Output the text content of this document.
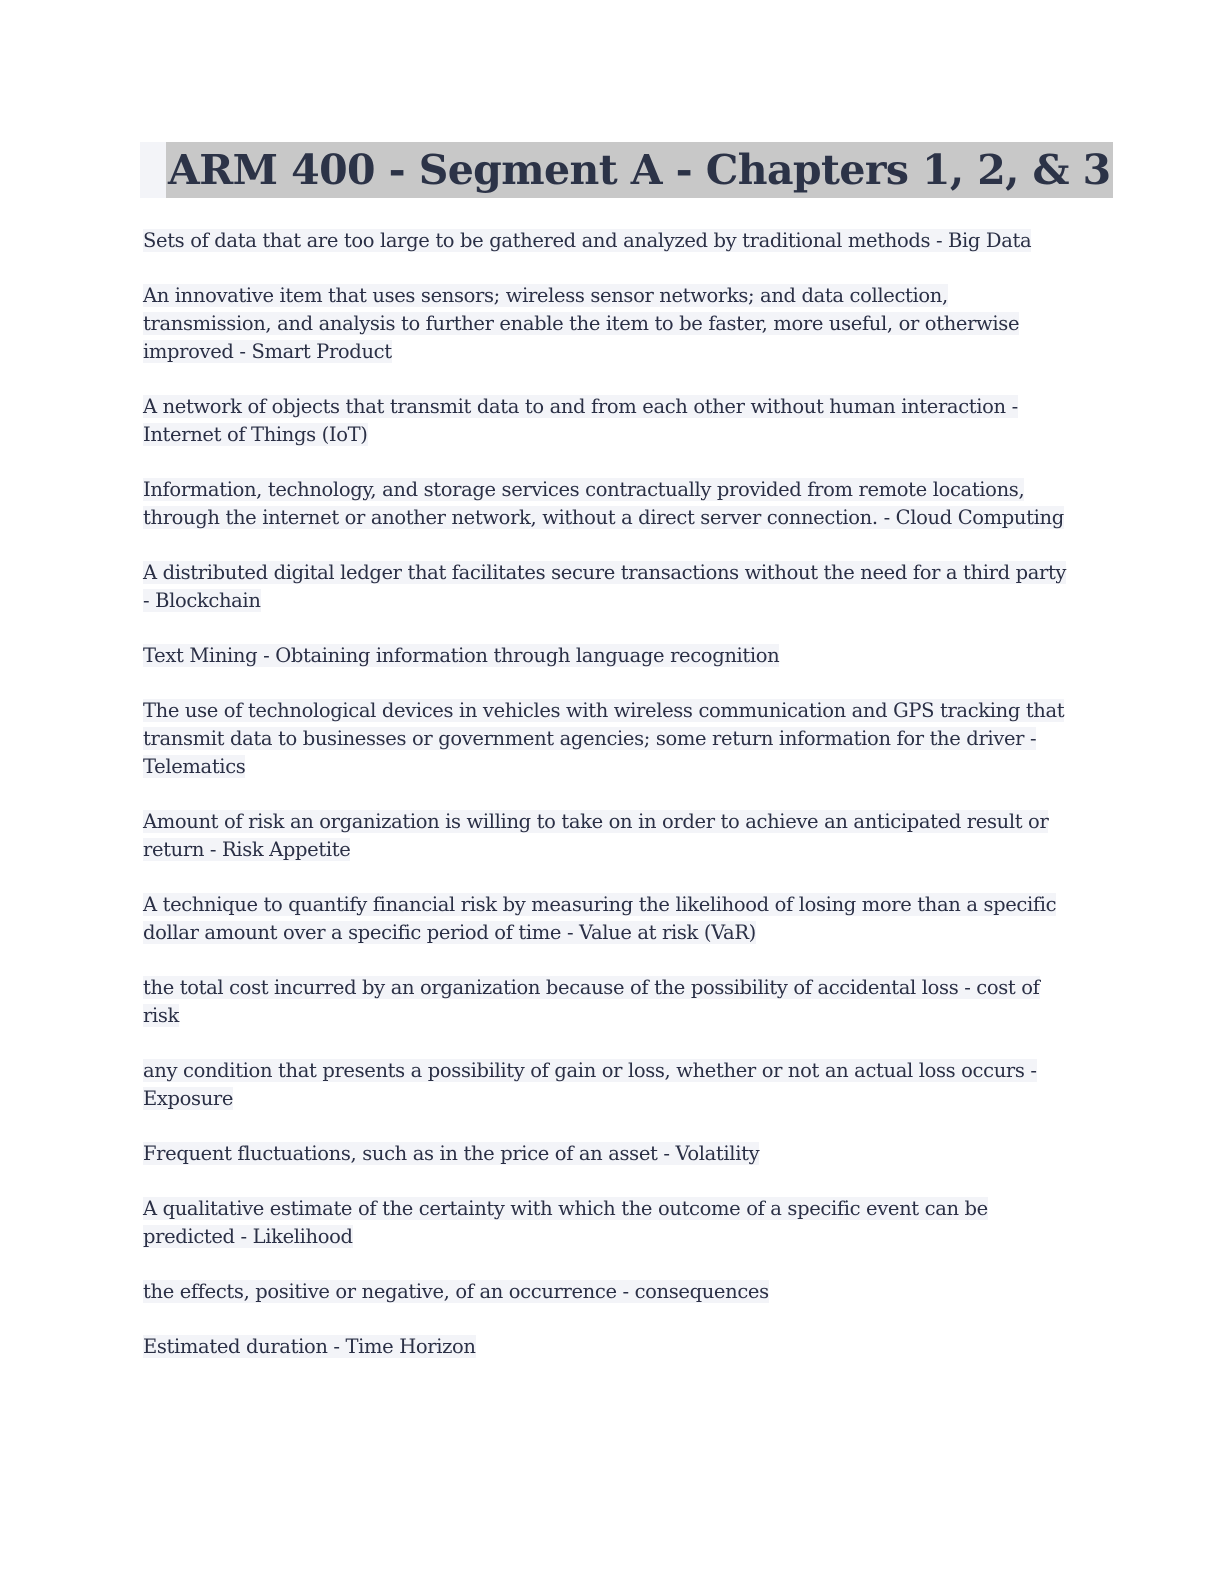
ARM 400 - Segment A - Chapters 1, 2, & 3

Sets of data that are too large to be gathered and analyzed by traditional methods - Big Data

An innovative item that uses sensors; wireless sensor networks; and data collection, transmission, and analysis to further enable the item to be faster, more useful, or otherwise improved - Smart Product

A network of objects that transmit data to and from each other without human interaction - Internet of Things (IoT)

Information, technology, and storage services contractually provided from remote locations, through the internet or another network, without a direct server connection. - Cloud Computing

A distributed digital ledger that facilitates secure transactions without the need for a third party - Blockchain

Text Mining - Obtaining information through language recognition

The use of technological devices in vehicles with wireless communication and GPS tracking that transmit data to businesses or government agencies; some return information for the driver - Telematics

Amount of risk an organization is willing to take on in order to achieve an anticipated result or return - Risk Appetite

A technique to quantify financial risk by measuring the likelihood of losing more than a specific dollar amount over a specific period of time - Value at risk (VaR)

the total cost incurred by an organization because of the possibility of accidental loss - cost of risk

any condition that presents a possibility of gain or loss, whether or not an actual loss occurs - Exposure

Frequent fluctuations, such as in the price of an asset - Volatility

A qualitative estimate of the certainty with which the outcome of a specific event can be predicted - Likelihood

the effects, positive or negative, of an occurrence - consequences

Estimated duration - Time Horizon
